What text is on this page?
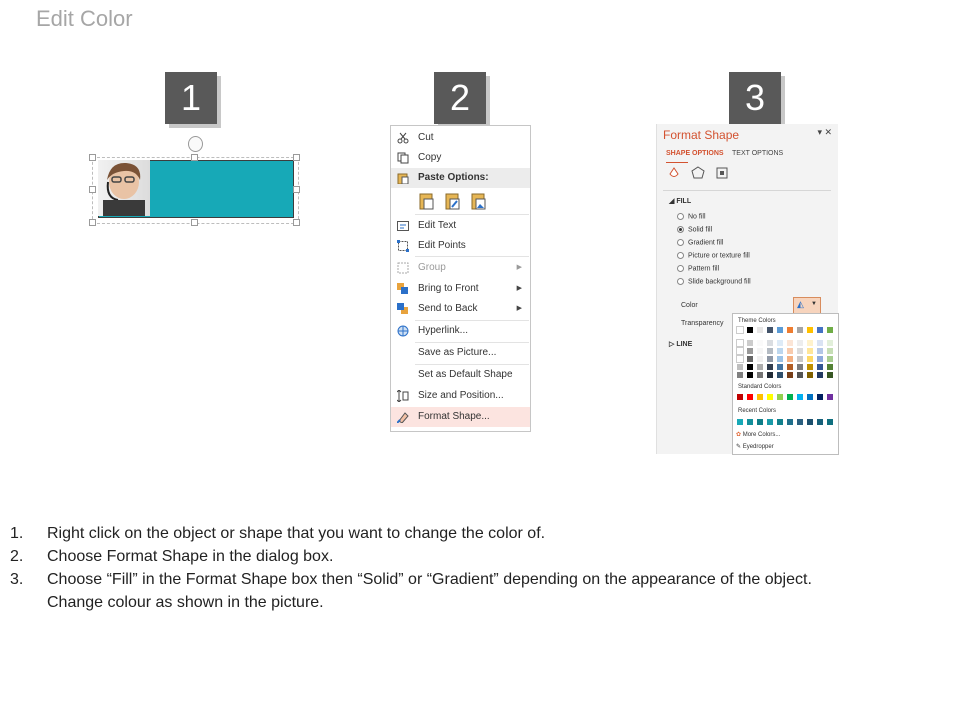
Edit Color
1	2	3
Cut
Copy
Paste Options:
Edit Text
Edit Points
Group	▶
Bring to Front	▶
Send to Back	▶
Hyperlink...
Save as Picture...
Set as Default Shape
Size and Position...
Format Shape...
Format Shape	▾ ✕
SHAPE OPTIONS TEXT OPTIONS
◢ FILL
No fill
Solid fill
Gradient fill
Picture or texture fill
Pattern fill
Slide background fill
Color	◭ ▼
Transparency
▷ LINE
Theme Colors
Standard Colors
Recent Colors
✿ More Colors...
✎ Eyedropper
1. Right click on the object or shape that you want to change the color of.
2. Choose Format Shape in the dialog box.
3. Choose “Fill” in the Format Shape box then “Solid” or “Gradient” depending on the appearance of the object.
Change colour as shown in the picture.
